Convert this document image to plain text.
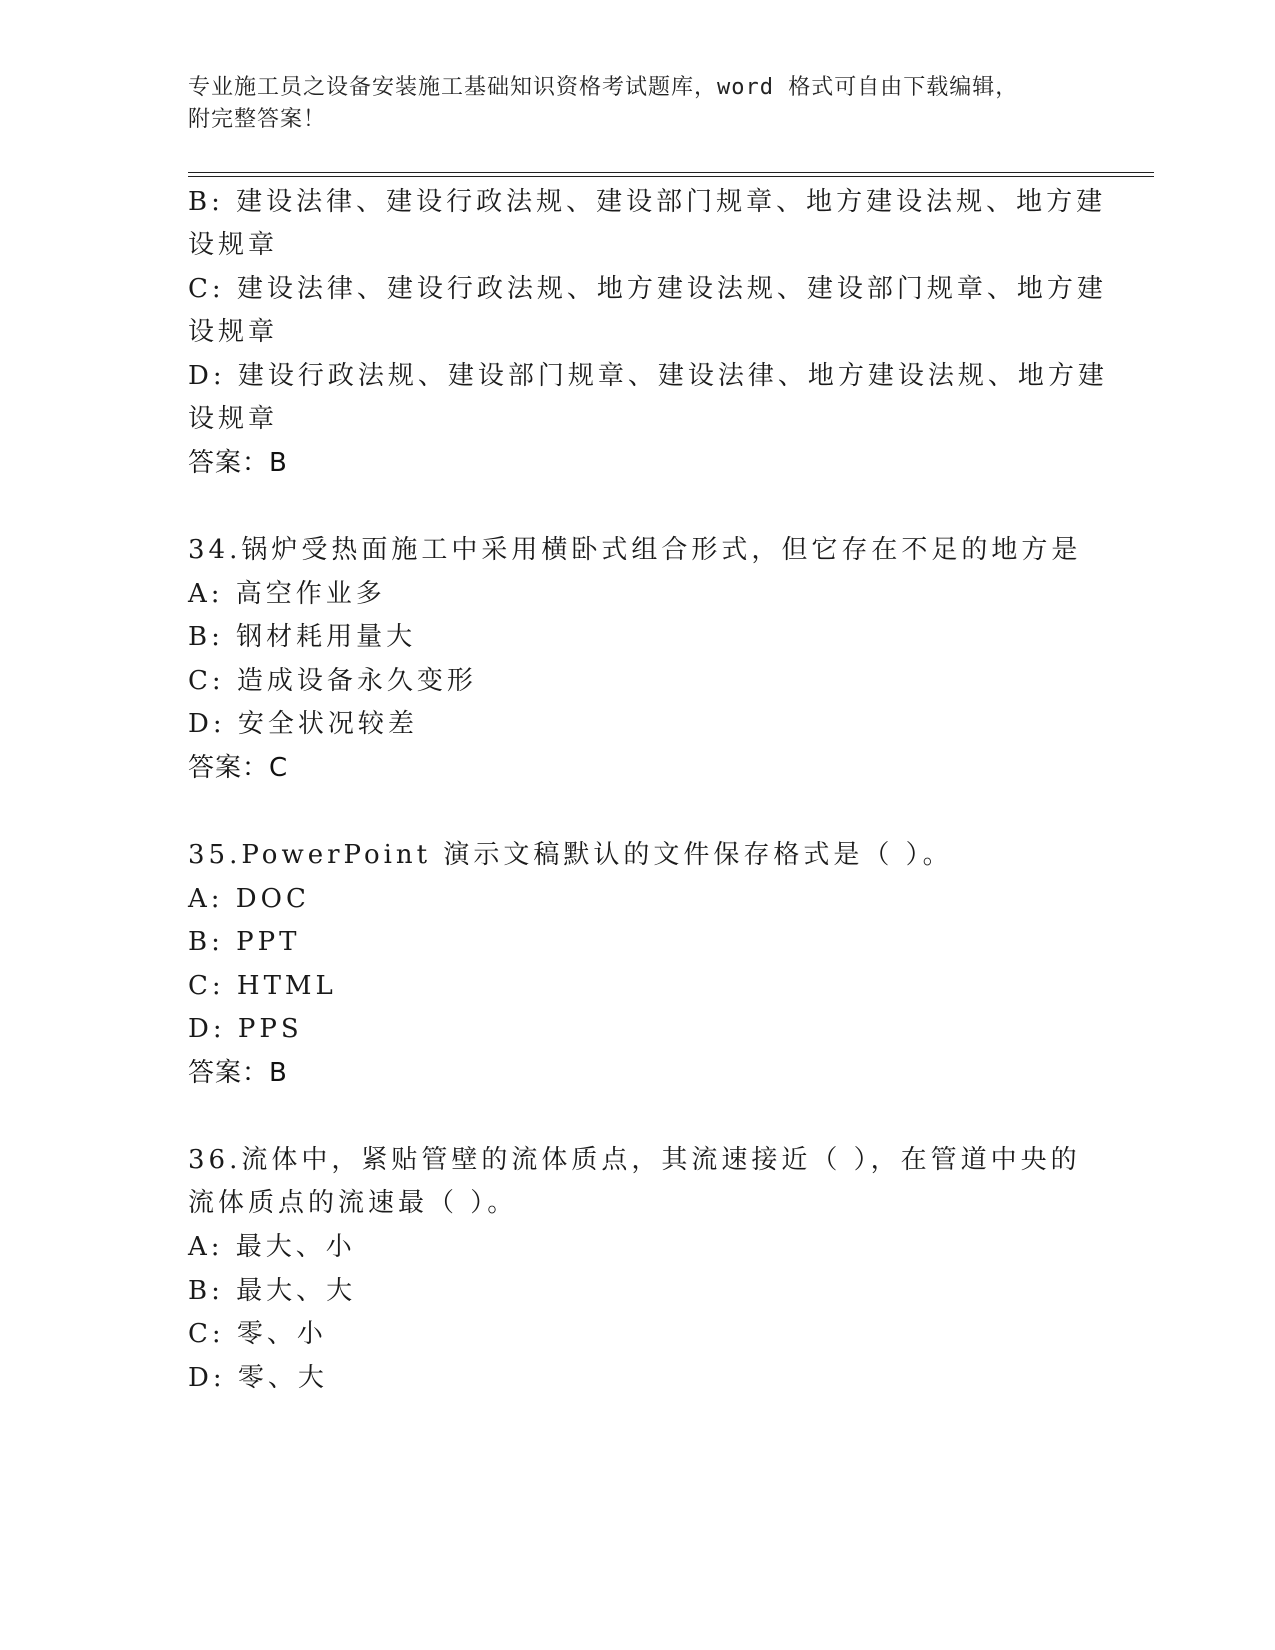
专业施工员之设备安装施工基础知识资格考试题库，word 格式可自由下载编辑，
附完整答案！
B: 建设法律、建设行政法规、建设部门规章、地方建设法规、地方建
设规章
C: 建设法律、建设行政法规、地方建设法规、建设部门规章、地方建
设规章
D: 建设行政法规、建设部门规章、建设法律、地方建设法规、地方建
设规章
答案：B
34.锅炉受热面施工中采用横卧式组合形式，但它存在不足的地方是
A: 高空作业多
B: 钢材耗用量大
C: 造成设备永久变形
D: 安全状况较差
答案：C
35.PowerPoint 演示文稿默认的文件保存格式是（ ）。
A: DOC
B: PPT
C: HTML
D: PPS
答案：B
36.流体中，紧贴管壁的流体质点，其流速接近（ ），在管道中央的
流体质点的流速最（ ）。
A: 最大、小
B: 最大、大
C: 零、小
D: 零、大
